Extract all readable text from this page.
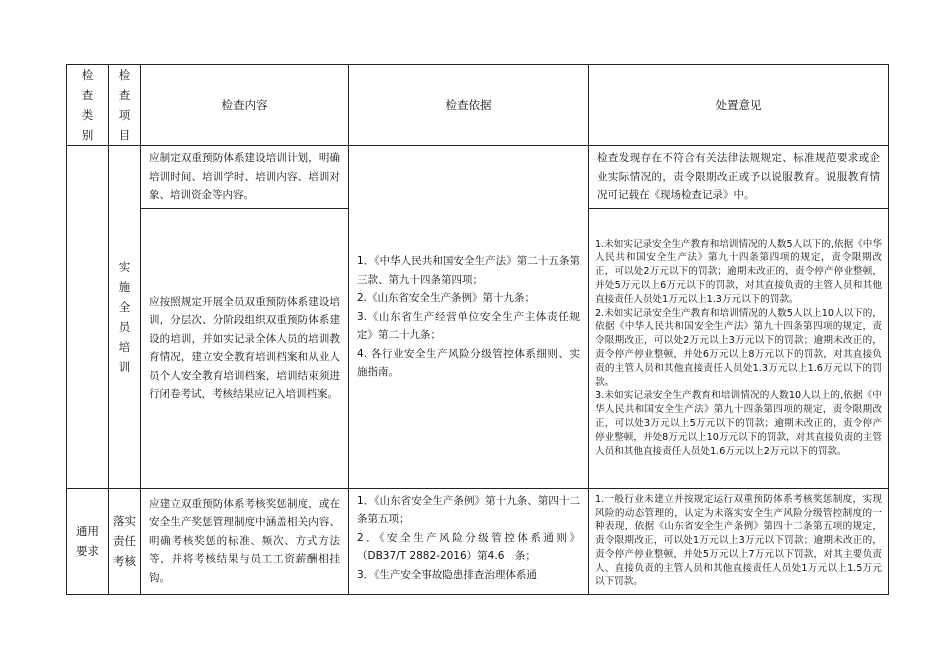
检查类别	检查项目	检查内容	检查依据	处置意见

	实施全员培训	应制定双重预防体系建设培训计划，明确培训时间、培训学时、培训内容、培训对象、培训资金等内容。	1．《中华人民共和国安全生产法》第二十五条第三款、第九十四条第四项；
2.《山东省安全生产条例》第十九条；
3.《山东省生产经营单位安全生产主体责任规定》第二十九条；
4. 各行业安全生产风险分级管控体系细则、实施指南。	检查发现存在不符合有关法律法规规定、标准规范要求或企业实际情况的，责令限期改正或予以说服教育。说服教育情况可记载在《现场检查记录》中。
		应按照规定开展全员双重预防体系建设培训，分层次、分阶段组织双重预防体系建设的培训，并如实记录全体人员的培训教育情况，建立安全教育培训档案和从业人员个人安全教育培训档案，培训结束须进行闭卷考试，考核结果应记入培训档案。		1.未如实记录安全生产教育和培训情况的人数5人以下的,依据《中华人民共和国安全生产法》第九十四条第四项的规定，责令限期改正，可以处2万元以下的罚款；逾期未改正的，责令停产停业整顿，并处5万元以上6万元以下的罚款，对其直接负责的主管人员和其他直接责任人员处1万元以上1.3万元以下的罚款。
2.未如实记录安全生产教育和培训情况的人数5人以上10人以下的，依据《中华人民共和国安全生产法》第九十四条第四项的规定，责令限期改正，可以处2万元以上3万元以下的罚款；逾期未改正的，责令停产停业整顿，并处6万元以上8万元以下的罚款，对其直接负责的主管人员和其他直接责任人员处1.3万元以上1.6万元以下的罚款。
3.未如实记录安全生产教育和培训情况的人数10人以上的,依据《中华人民共和国安全生产法》第九十四条第四项的规定，责令限期改正，可以处3万元以上5万元以下的罚款；逾期未改正的，责令停产停业整顿，并处8万元以上10万元以下的罚款，对其直接负责的主管人员和其他直接责任人员处1.6万元以上2万元以下的罚款。

通用要求	落实责任考核	应建立双重预防体系考核奖惩制度，或在安全生产奖惩管理制度中涵盖相关内容、明确考核奖惩的标准、频次、方式方法等，并将考核结果与员工工资薪酬相挂钩。	1．《山东省安全生产条例》第十九条、第四十二条第五项；
2．《安全生产风险分级管控体系通则》（DB37/T 2882-2016）第4.6　条；
3．《生产安全事故隐患排查治理体系通	1.一般行业未建立并按规定运行双重预防体系考核奖惩制度，实现风险的动态管理的，认定为未落实安全生产风险分级管控制度的一种表现，依据《山东省安全生产条例》第四十二条第五项的规定，责令限期改正，可以处1万元以上3万元以下罚款；逾期未改正的，责令停产停业整顿，并处5万元以上7万元以下罚款，对其主要负责人、直接负责的主管人员和其他直接责任人员处1万元以上1.5万元以下罚款。
